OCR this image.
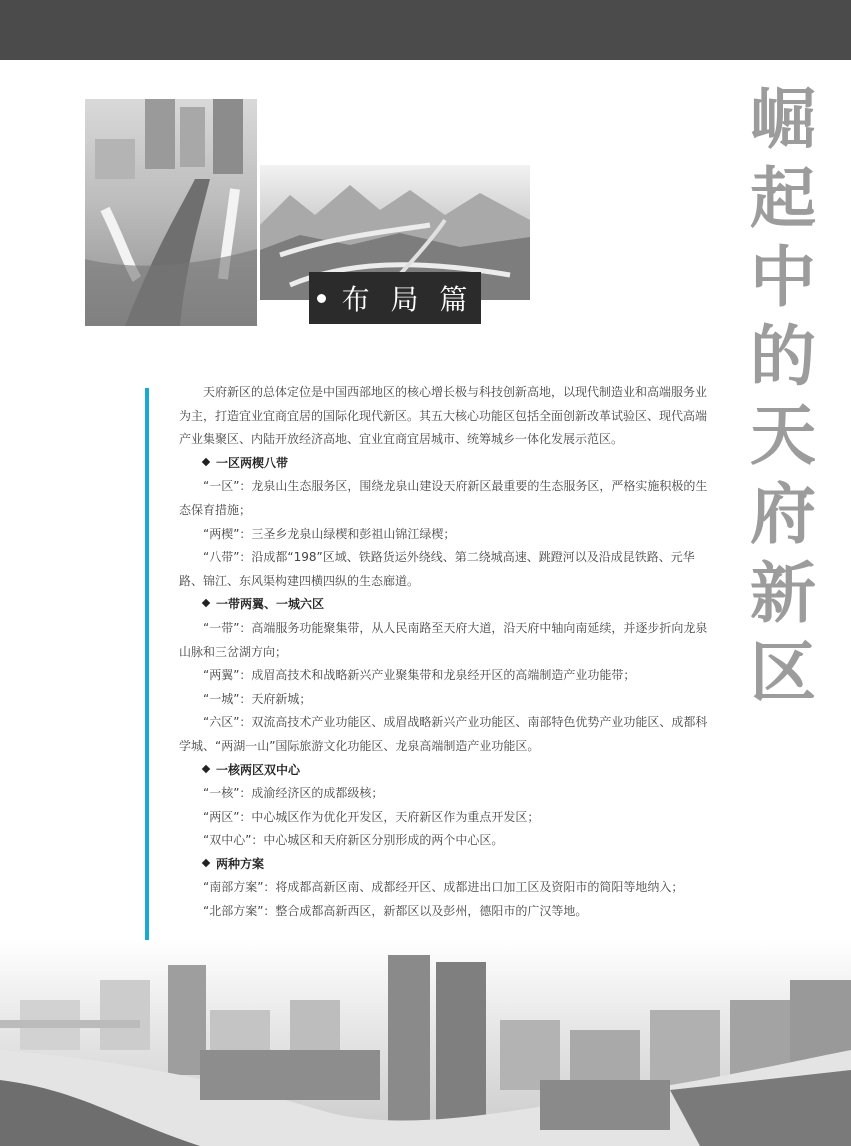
布 局 篇
崛
起
中
的
天
府
新
区

天府新区的总体定位是中国西部地区的核心增长极与科技创新高地，以现代制造业和高端服务业为主，打造宜业宜商宜居的国际化现代新区。其五大核心功能区包括全面创新改革试验区、现代高端产业集聚区、内陆开放经济高地、宜业宜商宜居城市、统筹城乡一体化发展示范区。

一区两楔八带

“一区”：龙泉山生态服务区，围绕龙泉山建设天府新区最重要的生态服务区，严格实施积极的生态保育措施；

“两楔”：三圣乡龙泉山绿楔和彭祖山锦江绿楔；

“八带”：沿成都“198”区域、铁路货运外绕线、第二绕城高速、跳蹬河以及沿成昆铁路、元华路、锦江、东风渠构建四横四纵的生态廊道。

一带两翼、一城六区

“一带”：高端服务功能聚集带，从人民南路至天府大道，沿天府中轴向南延续，并逐步折向龙泉山脉和三岔湖方向；

“两翼”：成眉高技术和战略新兴产业聚集带和龙泉经开区的高端制造产业功能带；

“一城”：天府新城；

“六区”：双流高技术产业功能区、成眉战略新兴产业功能区、南部特色优势产业功能区、成都科学城、“两湖一山”国际旅游文化功能区、龙泉高端制造产业功能区。

一核两区双中心

“一核”：成渝经济区的成都级核；

“两区”：中心城区作为优化开发区，天府新区作为重点开发区；

“双中心”：中心城区和天府新区分别形成的两个中心区。

两种方案

“南部方案”：将成都高新区南、成都经开区、成都进出口加工区及资阳市的简阳等地纳入；

“北部方案”：整合成都高新西区，新都区以及彭州，德阳市的广汉等地。
